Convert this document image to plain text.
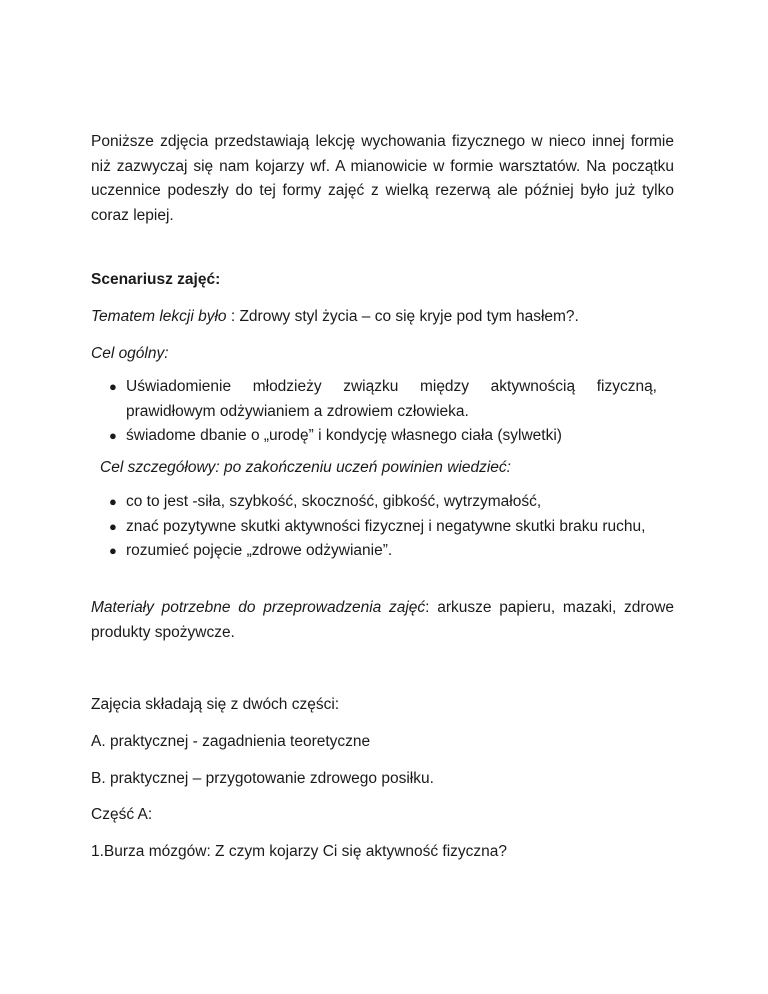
Poniższe zdjęcia przedstawiają lekcję wychowania fizycznego w nieco innej formie niż zazwyczaj się nam kojarzy wf. A mianowicie w formie warsztatów. Na początku uczennice podeszły do tej formy zajęć z wielką rezerwą ale później było już tylko coraz lepiej.
Scenariusz zajęć:
Tematem lekcji było : Zdrowy styl życia – co się kryje pod tym hasłem?.
Cel ogólny:
● Uświadomienie młodzieży związku między aktywnością fizyczną, prawidłowym odżywianiem a zdrowiem człowieka.
● świadome dbanie o „urodę” i kondycję własnego ciała (sylwetki)
Cel szczegółowy: po zakończeniu uczeń powinien wiedzieć:
● co to jest -siła, szybkość, skoczność, gibkość, wytrzymałość,
● znać pozytywne skutki aktywności fizycznej i negatywne skutki braku ruchu,
● rozumieć pojęcie „zdrowe odżywianie”.
Materiały potrzebne do przeprowadzenia zajęć: arkusze papieru, mazaki, zdrowe produkty spożywcze.
Zajęcia składają się z dwóch części:
A. praktycznej - zagadnienia teoretyczne
B. praktycznej – przygotowanie zdrowego posiłku.
Część A:
1.Burza mózgów: Z czym kojarzy Ci się aktywność fizyczna?
